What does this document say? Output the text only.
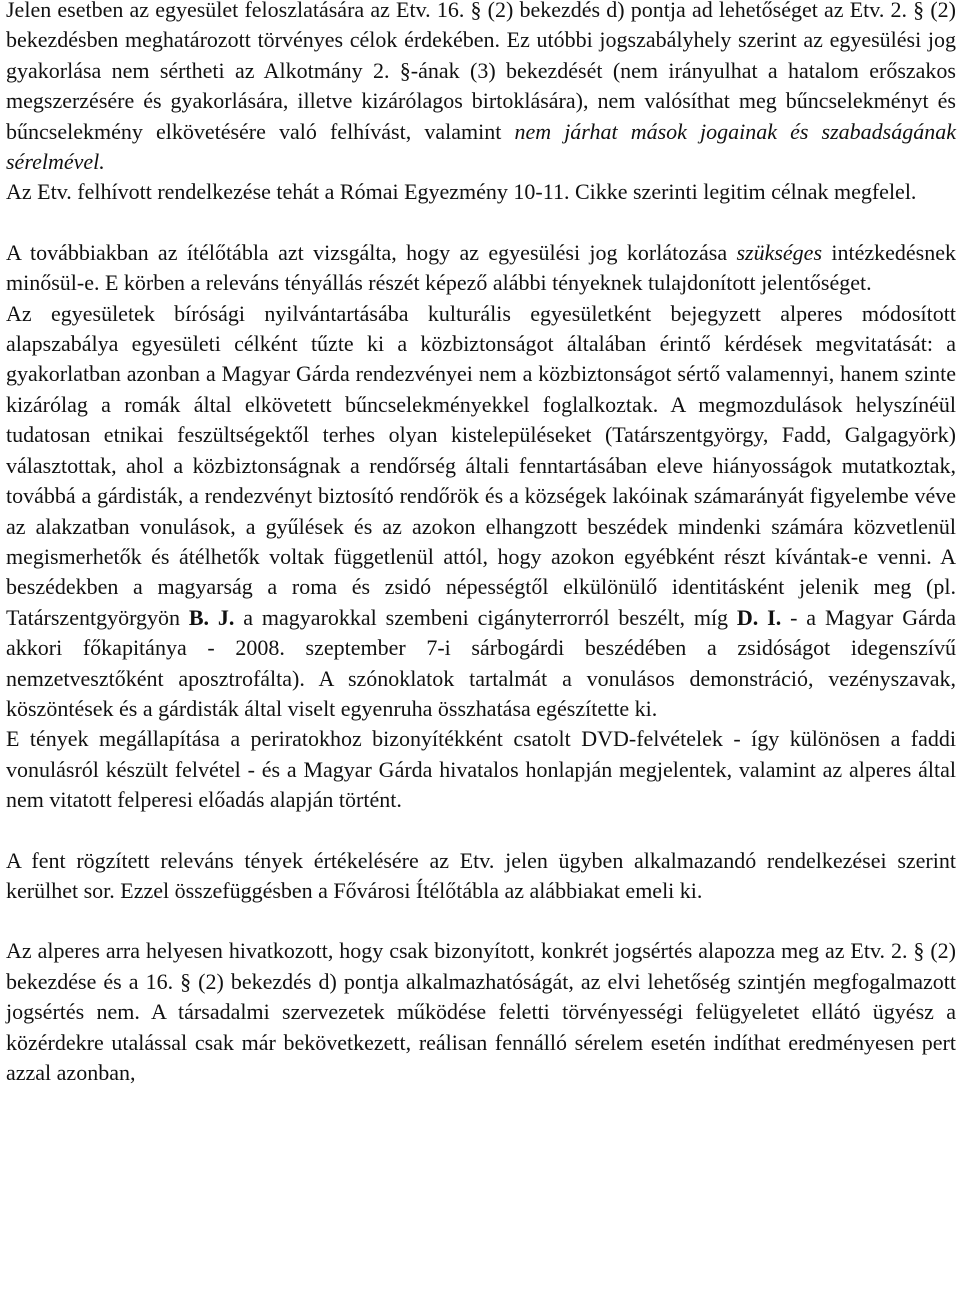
Jelen esetben az egyesület feloszlatására az Etv. 16. § (2) bekezdés d) pontja ad lehetőséget az Etv. 2. § (2) bekezdésben meghatározott törvényes célok érdekében. Ez utóbbi jogszabályhely szerint az egyesülési jog gyakorlása nem sértheti az Alkotmány 2. §-ának (3) bekezdését (nem irányulhat a hatalom erőszakos megszerzésére és gyakorlására, illetve kizárólagos birtoklására), nem valósíthat meg bűncselekményt és bűncselekmény elkövetésére való felhívást, valamint nem járhat mások jogainak és szabadságának sérelmével.

Az Etv. felhívott rendelkezése tehát a Római Egyezmény 10-11. Cikke szerinti legitim célnak megfelel.

A továbbiakban az ítélőtábla azt vizsgálta, hogy az egyesülési jog korlátozása szükséges intézkedésnek minősül-e. E körben a releváns tényállás részét képező alábbi tényeknek tulajdonított jelentőséget.

Az egyesületek bírósági nyilvántartásába kulturális egyesületként bejegyzett alperes módosított alapszabálya egyesületi célként tűzte ki a közbiztonságot általában érintő kérdések megvitatását: a gyakorlatban azonban a Magyar Gárda rendezvényei nem a közbiztonságot sértő valamennyi, hanem szinte kizárólag a romák által elkövetett bűncselekményekkel foglalkoztak. A megmozdulások helyszínéül tudatosan etnikai feszültségektől terhes olyan kistelepüléseket (Tatárszentgyörgy, Fadd, Galgagyörk) választottak, ahol a közbiztonságnak a rendőrség általi fenntartásában eleve hiányosságok mutatkoztak, továbbá a gárdisták, a rendezvényt biztosító rendőrök és a községek lakóinak számarányát figyelembe véve az alakzatban vonulások, a gyűlések és az azokon elhangzott beszédek mindenki számára közvetlenül megismerhetők és átélhetők voltak függetlenül attól, hogy azokon egyébként részt kívántak-e venni. A beszédekben a magyarság a roma és zsidó népességtől elkülönülő identitásként jelenik meg (pl. Tatárszentgyörgyön B. J. a magyarokkal szembeni cigányterrorról beszélt, míg D. I. - a Magyar Gárda akkori főkapitánya - 2008. szeptember 7-i sárbogárdi beszédében a zsidóságot idegenszívű nemzetvesztőként aposztrofálta). A szónoklatok tartalmát a vonulásos demonstráció, vezényszavak, köszöntések és a gárdisták által viselt egyenruha összhatása egészítette ki.

E tények megállapítása a periratokhoz bizonyítékként csatolt DVD-felvételek - így különösen a faddi vonulásról készült felvétel - és a Magyar Gárda hivatalos honlapján megjelentek, valamint az alperes által nem vitatott felperesi előadás alapján történt.

A fent rögzített releváns tények értékelésére az Etv. jelen ügyben alkalmazandó rendelkezései szerint kerülhet sor. Ezzel összefüggésben a Fővárosi Ítélőtábla az alábbiakat emeli ki.

Az alperes arra helyesen hivatkozott, hogy csak bizonyított, konkrét jogsértés alapozza meg az Etv. 2. § (2) bekezdése és a 16. § (2) bekezdés d) pontja alkalmazhatóságát, az elvi lehetőség szintjén megfogalmazott jogsértés nem. A társadalmi szervezetek működése feletti törvényességi felügyeletet ellátó ügyész a közérdekre utalással csak már bekövetkezett, reálisan fennálló sérelem esetén indíthat eredményesen pert azzal azonban,
